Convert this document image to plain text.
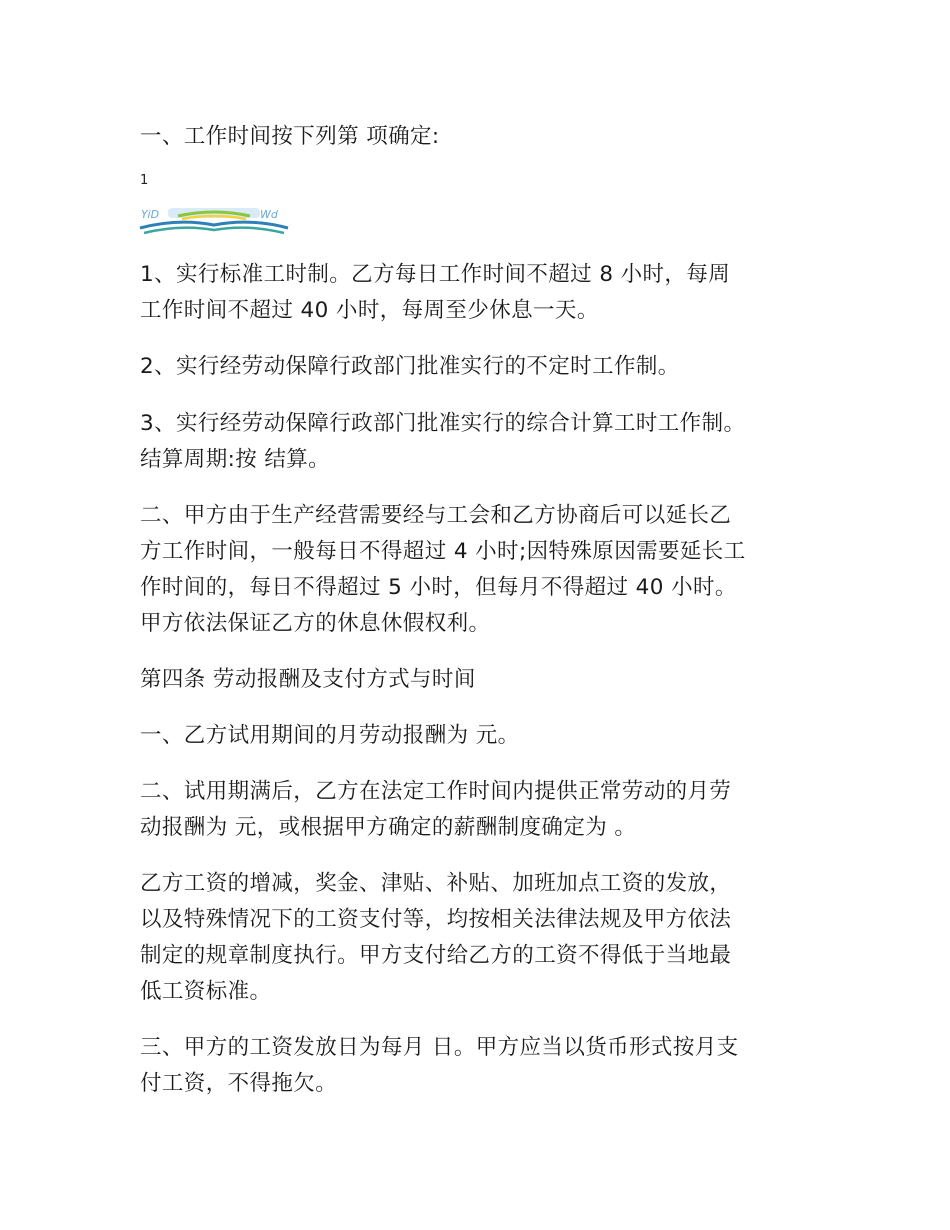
一、工作时间按下列第 项确定:

1
YiD	Wd

1、实行标准工时制。乙方每日工作时间不超过 8 小时，每周
工作时间不超过 40 小时，每周至少休息一天。

2、实行经劳动保障行政部门批准实行的不定时工作制。

3、实行经劳动保障行政部门批准实行的综合计算工时工作制。
结算周期:按 结算。

二、甲方由于生产经营需要经与工会和乙方协商后可以延长乙
方工作时间，一般每日不得超过 4 小时;因特殊原因需要延长工
作时间的，每日不得超过 5 小时，但每月不得超过 40 小时。
甲方依法保证乙方的休息休假权利。

第四条 劳动报酬及支付方式与时间

一、乙方试用期间的月劳动报酬为 元。

二、试用期满后，乙方在法定工作时间内提供正常劳动的月劳
动报酬为 元，或根据甲方确定的薪酬制度确定为 。

乙方工资的增减，奖金、津贴、补贴、加班加点工资的发放，
以及特殊情况下的工资支付等，均按相关法律法规及甲方依法
制定的规章制度执行。甲方支付给乙方的工资不得低于当地最
低工资标准。

三、甲方的工资发放日为每月 日。甲方应当以货币形式按月支
付工资，不得拖欠。
